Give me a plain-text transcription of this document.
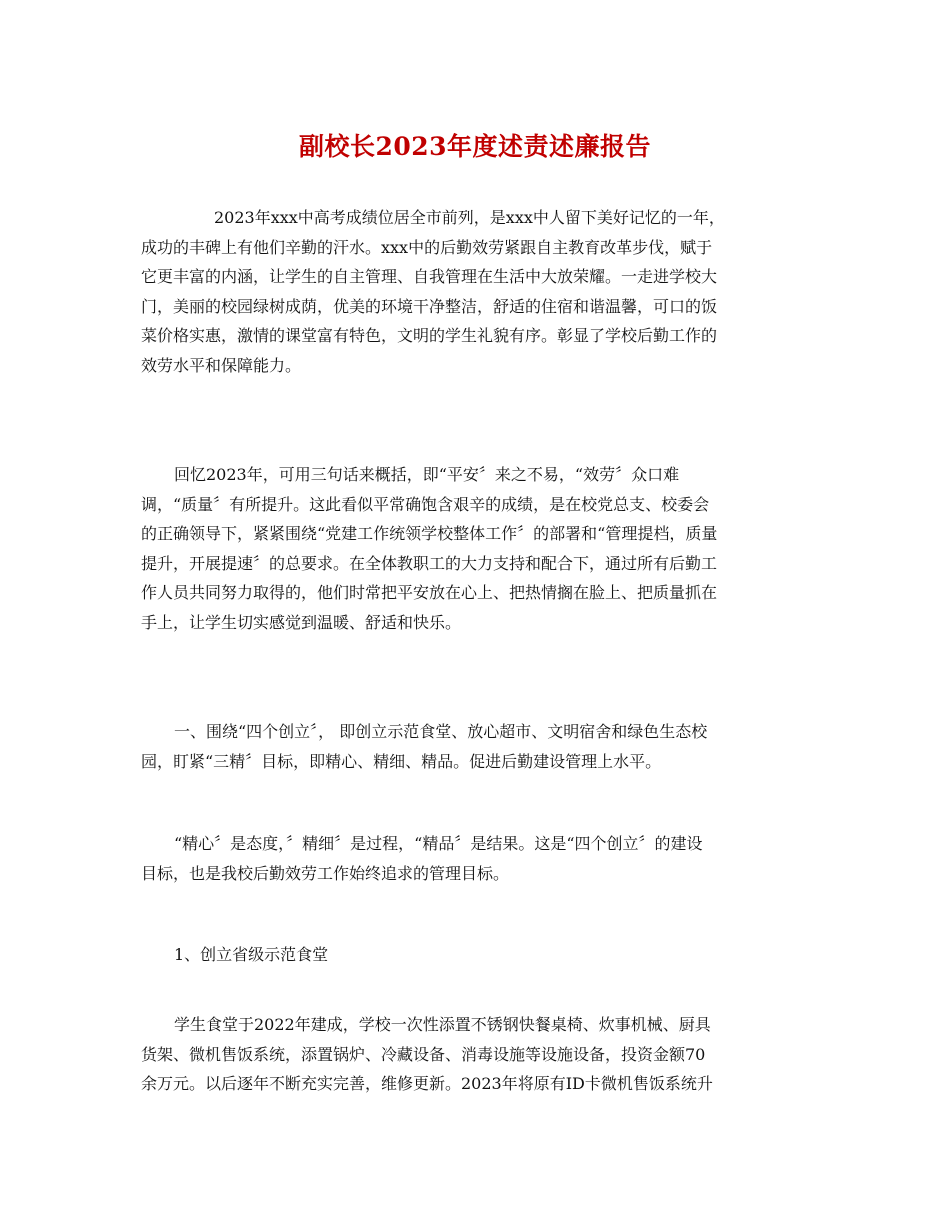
副校长2023年度述责述廉报告

2023年xxx中高考成绩位居全市前列，是xxx中人留下美好记忆的一年，
成功的丰碑上有他们辛勤的汗水。xxx中的后勤效劳紧跟自主教育改革步伐，赋于
它更丰富的内涵，让学生的自主管理、自我管理在生活中大放荣耀。一走进学校大
门，美丽的校园绿树成荫，优美的环境干净整洁，舒适的住宿和谐温馨，可口的饭
菜价格实惠，激情的课堂富有特色，文明的学生礼貌有序。彰显了学校后勤工作的
效劳水平和保障能力。

回忆2023年，可用三句话来概括，即“平安〞来之不易，“效劳〞众口难
调，“质量〞有所提升。这此看似平常确饱含艰辛的成绩，是在校党总支、校委会
的正确领导下，紧紧围绕“党建工作统领学校整体工作〞的部署和“管理提档，质量
提升，开展提速〞的总要求。在全体教职工的大力支持和配合下，通过所有后勤工
作人员共同努力取得的，他们时常把平安放在心上、把热情搁在脸上、把质量抓在
手上，让学生切实感觉到温暖、舒适和快乐。

一、围绕“四个创立〞， 即创立示范食堂、放心超市、文明宿舍和绿色生态校
园，盯紧“三精〞目标，即精心、精细、精品。促进后勤建设管理上水平。

“精心〞是态度，〞精细〞是过程，“精品〞是结果。这是“四个创立〞的建设
目标，也是我校后勤效劳工作始终追求的管理目标。

1、创立省级示范食堂

学生食堂于2022年建成，学校一次性添置不锈钢快餐桌椅、炊事机械、厨具
货架、微机售饭系统，添置锅炉、冷藏设备、消毒设施等设施设备，投资金额70
余万元。以后逐年不断充实完善，维修更新。2023年将原有ID卡微机售饭系统升
